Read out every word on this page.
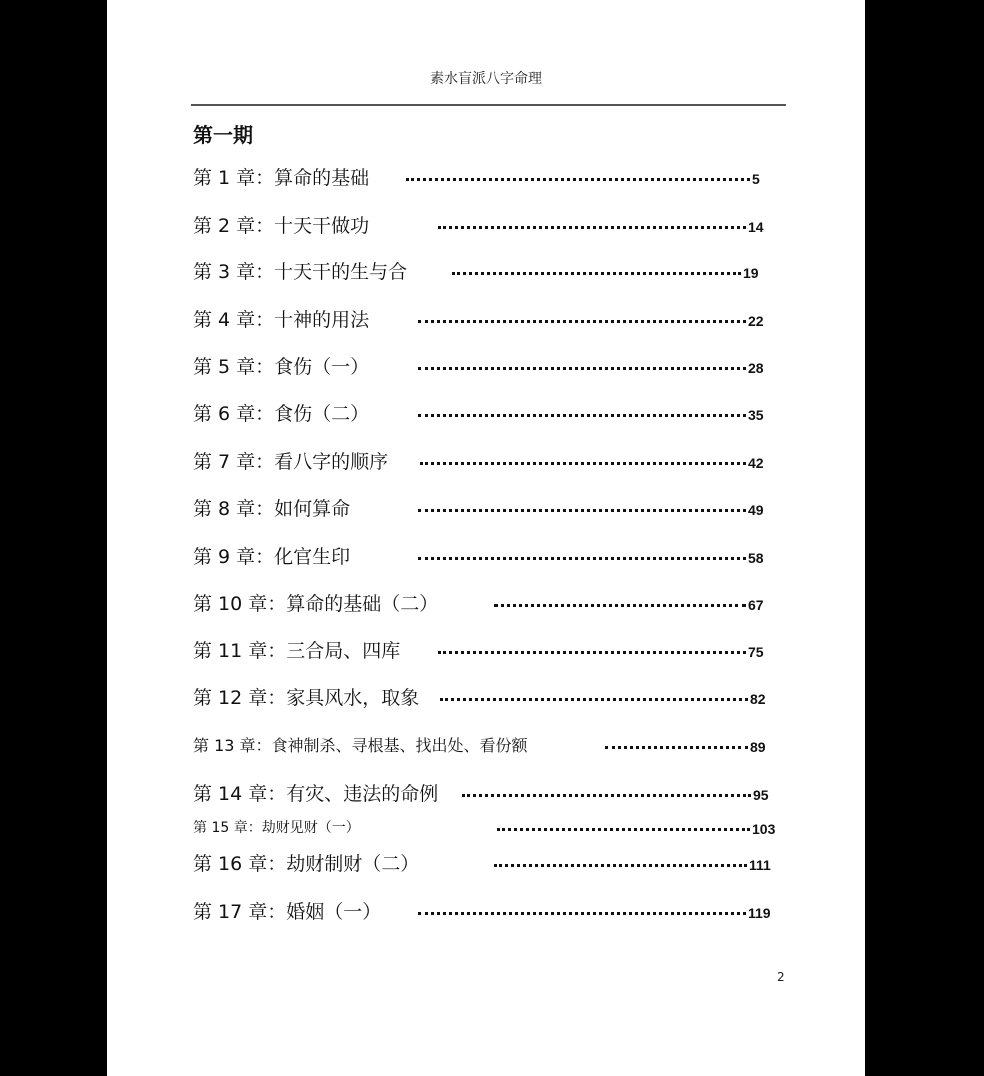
素水盲派八字命理
第一期
第 1 章：算命的基础	5
第 2 章：十天干做功	14
第 3 章：十天干的生与合	19
第 4 章：十神的用法	22
第 5 章：食伤（一）	28
第 6 章：食伤（二）	35
第 7 章：看八字的顺序	42
第 8 章：如何算命	49
第 9 章：化官生印	58
第 10 章：算命的基础（二）	67
第 11 章：三合局、四库	75
第 12 章：家具风水，取象	82
第 13 章：食神制杀、寻根基、找出处、看份额	89
第 14 章：有灾、违法的命例	95
第 15 章：劫财见财（一）	103
第 16 章：劫财制财（二）	111
第 17 章：婚姻（一）	119
2
